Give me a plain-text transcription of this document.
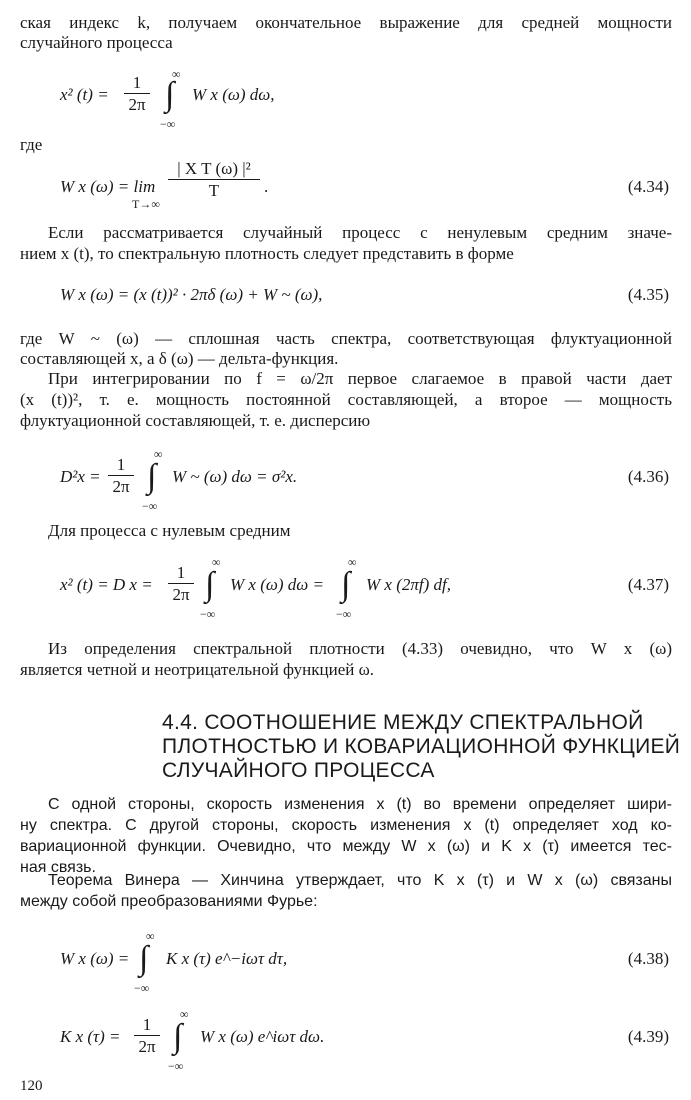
ская индекс k, получаем окончательное выражение для средней мощности

случайного процесса

x² (t) =
1
2π
∞
∫
−∞
W x (ω) dω,

где

W x (ω) = lim
T→∞
| X T (ω) |²
T	.	(4.34)

Если рассматривается случайный процесс с ненулевым средним значе-

нием x (t), то спектральную плотность следует представить в форме

W x (ω) = (x (t))² · 2πδ (ω) + W ~ (ω),	(4.35)

где W ~ (ω) — сплошная часть спектра, соответствующая флуктуационной

составляющей x, а δ (ω) — дельта-функция.

При интегрировании по f = ω/2π первое слагаемое в правой части дает

(x (t))², т. е. мощность постоянной составляющей, а второе — мощность

флуктуационной составляющей, т. е. дисперсию

D²x =
1
2π
∞
∫
−∞
W ~ (ω) dω = σ²x.	(4.36)

Для процесса с нулевым средним

x² (t) = D x =
1
2π
∞
∫
−∞
W x (ω) dω =
∞
∫
−∞
W x (2πf) df,	(4.37)

Из определения спектральной плотности (4.33) очевидно, что W x (ω)

является четной и неотрицательной функцией ω.

4.4. СООТНОШЕНИЕ МЕЖДУ СПЕКТРАЛЬНОЙ
ПЛОТНОСТЬЮ И КОВАРИАЦИОННОЙ ФУНКЦИЕЙ
СЛУЧАЙНОГО ПРОЦЕССА

С одной стороны, скорость изменения x (t) во времени определяет шири-

ну спектра. С другой стороны, скорость изменения x (t) определяет ход ко-

вариационной функции. Очевидно, что между W x (ω) и K x (τ) имеется тес-

ная связь.

Теорема Винера — Хинчина утверждает, что K x (τ) и W x (ω) связаны

между собой преобразованиями Фурье:

W x (ω) =
∞
∫
−∞
K x (τ) e^−iωτ dτ,	(4.38)
K x (τ) =
1
2π
∞
∫
−∞
W x (ω) e^iωτ dω.	(4.39)
120
